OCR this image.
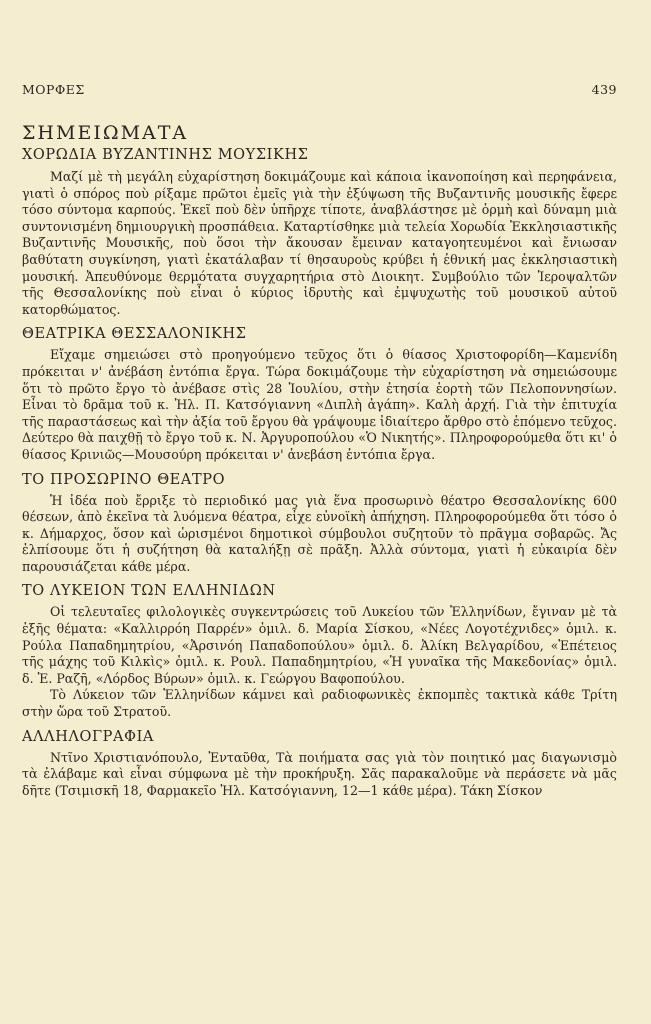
ΜΟΡΦΕΣ	439
ΣΗΜΕΙΩΜΑΤΑ
ΧΟΡΩΔΙΑ ΒΥΖΑΝΤΙΝΗΣ ΜΟΥΣΙΚΗΣ

Μαζί μὲ τὴ μεγάλη εὐχαρίστηση δοκιμάζουμε καὶ κάποια ἱκανοποίηση καὶ περηφάνεια, γιατὶ ὁ σπόρος ποὺ ρίξαμε πρῶτοι ἐμεῖς γιὰ τὴν ἐξύψωση τῆς Βυζαντινῆς μουσικῆς ἔφερε τόσο σύντομα καρπούς. Ἐκεῖ ποὺ δὲν ὑπῆρχε τίποτε, ἀναβλάστησε μὲ ὁρμὴ καὶ δύναμη μιὰ συντονισμένη δημιουργικὴ προσπάθεια. Καταρτίσθηκε μιὰ τελεία Χορωδία Ἐκκλησιαστικῆς Βυζαντινῆς Μουσικῆς, ποὺ ὅσοι τὴν ἄκουσαν ἔμειναν καταγοητευμένοι καὶ ἔνιωσαν βαθύτατη συγκίνηση, γιατὶ ἐκατάλαβαν τί θησαυροὺς κρύβει ἡ ἐθνική μας ἐκκλησιαστικὴ μουσική. Ἀπευθύνομε θερμότατα συγχαρητήρια στὸ Διοικητ. Συμβούλιο τῶν Ἱεροψαλτῶν τῆς Θεσσαλονίκης ποὺ εἶναι ὁ κύριος ἱδρυτὴς καὶ ἐμψυχωτὴς τοῦ μουσικοῦ αὐτοῦ κατορθώματος.

ΘΕΑΤΡΙΚΑ ΘΕΣΣΑΛΟΝΙΚΗΣ

Εἴχαμε σημειώσει στὸ προηγούμενο τεῦχος ὅτι ὁ θίασος Χριστοφορίδη—Καμενίδη πρόκειται ν' ἀνέβάση ἐντόπια ἔργα. Τώρα δοκιμάζουμε τὴν εὐχαρίστηση νὰ σημειώσουμε ὅτι τὸ πρῶτο ἔργο τὸ ἀνέβασε στὶς 28 Ἰουλίου, στὴν ἐτησία ἑορτὴ τῶν Πελοποννησίων. Εἶναι τὸ δρᾶμα τοῦ κ. Ἠλ. Π. Κατσόγιαννη «Διπλὴ ἀγάπη». Καλὴ ἀρχή. Γιὰ τὴν ἐπιτυχία τῆς παραστάσεως καὶ τὴν ἀξία τοῦ ἔργου θὰ γράψουμε ἰδιαίτερο ἄρθρο στὸ ἑπόμενο τεῦχος. Δεύτερο θὰ παιχθῇ τὸ ἔργο τοῦ κ. Ν. Ἀργυροπούλου «Ὁ Νικητής». Πληροφορούμεθα ὅτι κι' ὁ θίασος Κρινιῶς—Μουσούρη πρόκειται ν' ἀνεβάση ἐντόπια ἔργα.

ΤΟ ΠΡΟΣΩΡΙΝΟ ΘΕΑΤΡΟ

Ἡ ἰδέα ποὺ ἔρριξε τὸ περιοδικό μας γιὰ ἕνα προσωρινὸ θέατρο Θεσσαλονίκης 600 θέσεων, ἀπὸ ἐκεῖνα τὰ λυόμενα θέατρα, εἶχε εὐνοϊκὴ ἀπήχηση. Πληροφορούμεθα ὅτι τόσο ὁ κ. Δήμαρχος, ὅσον καὶ ὡρισμένοι δημοτικοὶ σύμβουλοι συζητοῦν τὸ πρᾶγμα σοβαρῶς. Ἄς ἐλπίσουμε ὅτι ἡ συζήτηση θὰ καταλήξῃ σὲ πρᾶξη. Ἀλλὰ σύντομα, γιατὶ ἡ εὐκαιρία δὲν παρουσιάζεται κάθε μέρα.

ΤΟ ΛΥΚΕΙΟΝ ΤΩΝ ΕΛΛΗΝΙΔΩΝ

Οἱ τελευταῖες φιλολογικὲς συγκεντρώσεις τοῦ Λυκείου τῶν Ἑλληνίδων, ἔγιναν μὲ τὰ ἑξῆς θέματα: «Καλλιρρόη Παρρέν» ὁμιλ. δ. Μαρία Σίσκου, «Νέες Λογοτέχνιδες» ὁμιλ. κ. Ρούλα Παπαδημητρίου, «Ἀρσινόη Παπαδοπούλου» ὁμιλ. δ. Ἀλίκη Βελγαρίδου, «Ἐπέτειος τῆς μάχης τοῦ Κιλκὶς» ὁμιλ. κ. Ρουλ. Παπαδημητρίου, «Ἡ γυναῖκα τῆς Μακεδονίας» ὁμιλ. δ. Ἐ. Ραζῆ, «Λόρδος Βύρων» ὁμιλ. κ. Γεώργου Βαφοπούλου.

Τὸ Λύκειον τῶν Ἑλληνίδων κάμνει καὶ ραδιοφωνικὲς ἐκπομπὲς τακτικὰ κάθε Τρίτη στὴν ὥρα τοῦ Στρατοῦ.

ΑΛΛΗΛΟΓΡΑΦΙΑ

Ντῖνο Χριστιανόπουλο, Ἐνταῦθα, Τὰ ποιήματα σας γιὰ τὸν ποιητικό μας διαγωνισμὸ τὰ ἐλάβαμε καὶ εἶναι σύμφωνα μὲ τὴν προκήρυξη. Σᾶς παρακαλοῦμε νὰ περάσετε νὰ μᾶς δῆτε (Τσιμισκῆ 18, Φαρμακεῖο Ἠλ. Κατσόγιαννη, 12—1 κάθε μέρα). Τάκη Σίσκον
